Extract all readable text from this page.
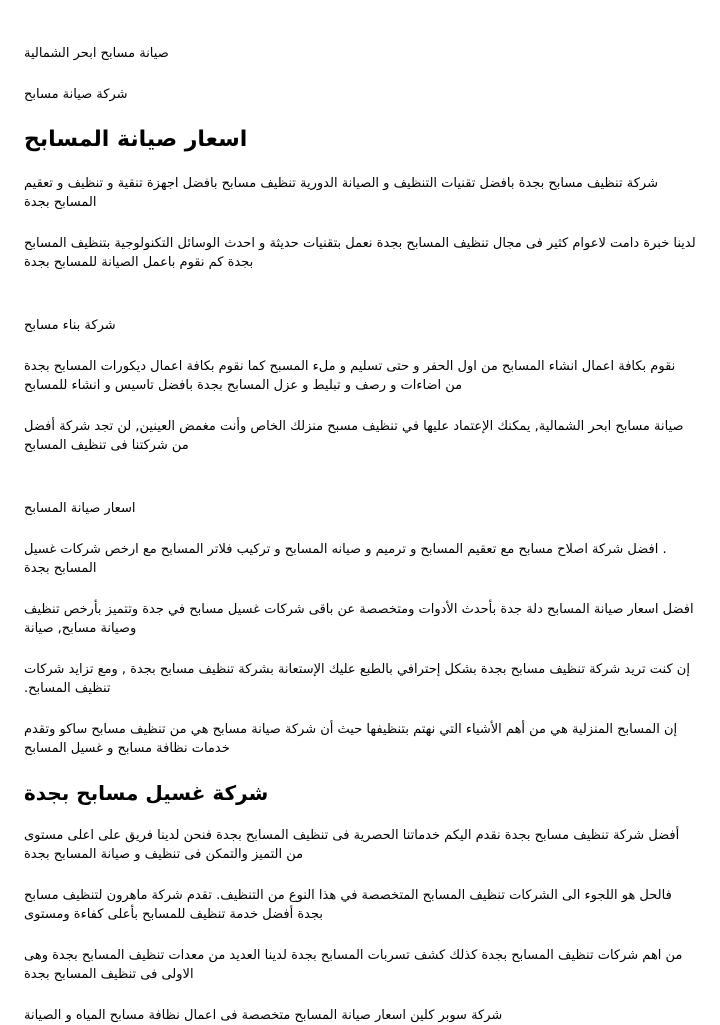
صيانة مسابح ابحر الشمالية

شركة صيانة مسابح

اسعار صيانة المسابح

شركة تنظيف مسابح بجدة بافضل تقنيات التنظيف و الصيانة الدورية تنظيف مسابح بافضل اجهزة تنقية و تنظيف و تعقيم المسابح بجدة

لدينا خبرة دامت لاعوام كثير فى مجال تنظيف المسابح بجدة نعمل بتقنيات حديثة و احدث الوسائل التكنولوجية بتنظيف المسابح بجدة كم نقوم باعمل الصيانة للمسابح بجدة

شركة بناء مسابح

نقوم بكافة اعمال انشاء المسابح من اول الحفر و حتى تسليم و ملء المسبح كما نقوم بكافة اعمال ديكورات المسابح بجدة من اضاءات و رصف و تبليط و عزل المسابح بجدة بافضل تاسيس و انشاء للمسابح

صيانة مسابح ابحر الشمالية, يمكنك الإعتماد عليها في تنظيف مسبح منزلك الخاص وأنت مغمض العينين, لن تجد شركة أفضل من شركتنا فى تنظيف المسابح

اسعار صيانة المسابح

. افضل شركة اصلاح مسابح مع تعقيم المسابح و ترميم و صيانه المسابح و تركيب فلاتر المسابح مع ارخص شركات غسيل المسابح بجدة

افضل اسعار صيانة المسابح دلة جدة بأحدث الأدوات ومتخصصة عن باقى شركات غسيل مسابح في جدة وتتميز بأرخص تنظيف وصيانة مسابح, صيانة

إن كنت تريد شركة تنظيف مسابح بجدة بشكل إحترافي بالطبع عليك الإستعانة بشركة تنظيف مسابح بجدة , ومع تزايد شركات تنظيف المسابح.

إن المسابح المنزلية هي من أهم الأشياء التي نهتم بتنظيفها حيث أن شركة صيانة مسابح هي من تنظيف مسابح ساكو وتقدم خدمات نظافة مسابح و غسيل المسابح

شركة غسيل مسابح بجدة

أفضل شركة تنظيف مسابح بجدة نقدم اليكم خدماتنا الحصرية فى تنظيف المسابح بجدة فنحن لدينا فريق على اعلى مستوى من التميز والتمكن فى تنظيف و صيانة المسابح بجدة

فالحل هو اللجوء الى الشركات تنظيف المسابح المتخصصة في هذا النوع من التنظيف. تقدم شركة ماهرون لتنظيف مسابح بجدة أفضل خدمة تنظيف للمسابح بأعلى كفاءة ومستوى

من اهم شركات تنظيف المسابح بجدة كذلك كشف تسربات المسابح بجدة لدينا العديد من معدات تنظيف المسابح بجدة وهى الاولى فى تنظيف المسابح بجدة

شركة سوبر كلين اسعار صيانة المسابح متخصصة فى اعمال نظافة مسابح المياه و الصيانة
